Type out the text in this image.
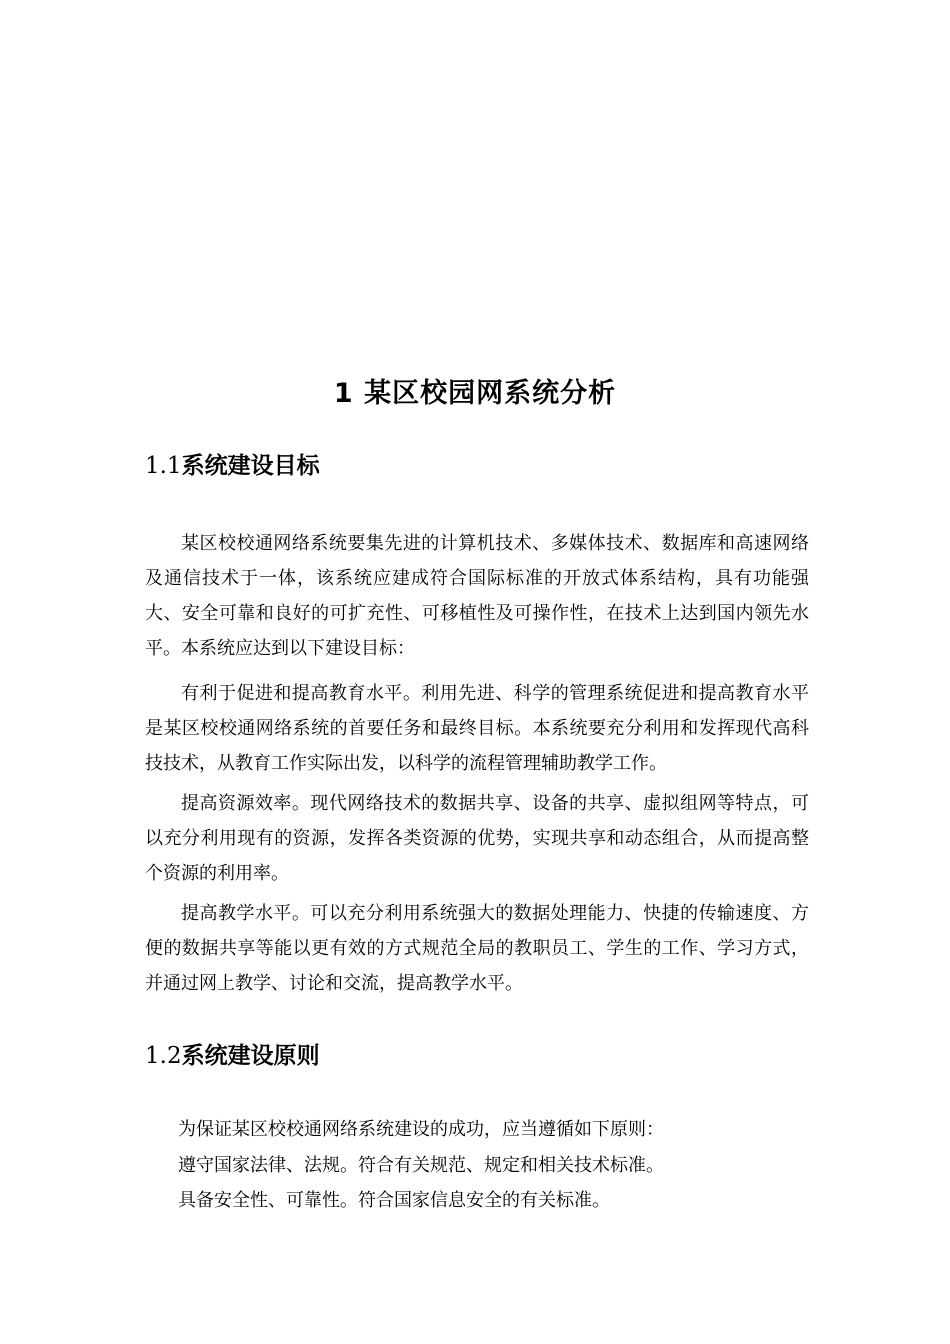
1 某区校园网系统分析
1.1系统建设目标

某区校校通网络系统要集先进的计算机技术、多媒体技术、数据库和高速网络及通信技术于一体，该系统应建成符合国际标准的开放式体系结构，具有功能强大、安全可靠和良好的可扩充性、可移植性及可操作性，在技术上达到国内领先水平。本系统应达到以下建设目标：

有利于促进和提高教育水平。利用先进、科学的管理系统促进和提高教育水平是某区校校通网络系统的首要任务和最终目标。本系统要充分利用和发挥现代高科技技术，从教育工作实际出发，以科学的流程管理辅助教学工作。

提高资源效率。现代网络技术的数据共享、设备的共享、虚拟组网等特点，可以充分利用现有的资源，发挥各类资源的优势，实现共享和动态组合，从而提高整个资源的利用率。

提高教学水平。可以充分利用系统强大的数据处理能力、快捷的传输速度、方便的数据共享等能以更有效的方式规范全局的教职员工、学生的工作、学习方式，并通过网上教学、讨论和交流，提高教学水平。

1.2系统建设原则

为保证某区校校通网络系统建设的成功，应当遵循如下原则：

遵守国家法律、法规。符合有关规范、规定和相关技术标准。

具备安全性、可靠性。符合国家信息安全的有关标准。
